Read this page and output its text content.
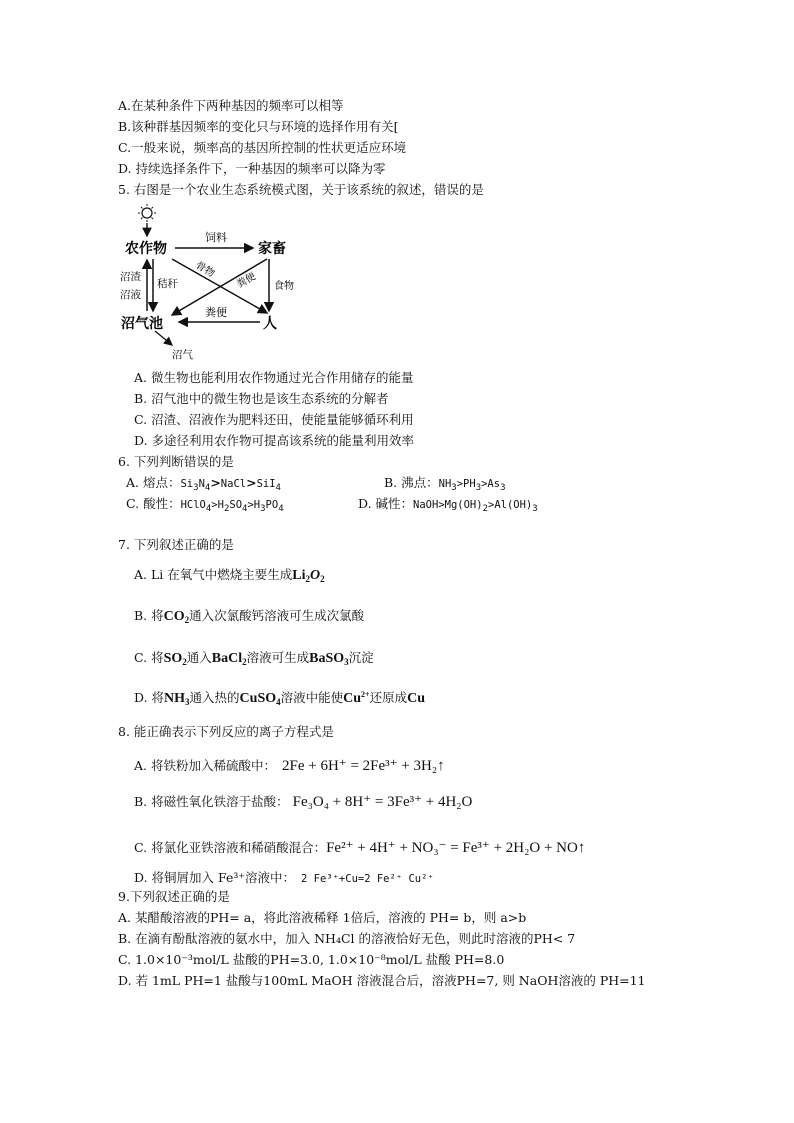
A.在某种条件下两种基因的频率可以相等
B.该种群基因频率的变化只与环境的选择作用有关[
C.一般来说，频率高的基因所控制的性状更适应环境
D. 持续选择条件下，一种基因的频率可以降为零
5. 右图是一个农业生态系统模式图，关于该系统的叙述，错误的是
农作物	家畜
沼气池	人
饲料
骨物
粪便 食物
粪便
秸秆
沼渣
沼液
沼气
A. 微生物也能利用农作物通过光合作用储存的能量
B. 沼气池中的微生物也是该生态系统的分解者
C. 沼渣、沼液作为肥料还田，使能量能够循环利用
D. 多途径利用农作物可提高该系统的能量利用效率
6. 下列判断错误的是
A. 熔点：Si3N4>NaCl>SiI4	B. 沸点：NH3>PH3>As3
C. 酸性：HClO4>H2SO4>H3PO4	D. 碱性：NaOH>Mg(OH)2>Al(OH)3
7. 下列叙述正确的是
A. Li 在氧气中燃烧主要生成$Li_2O_2$
B. 将$CO_2$通入次氯酸钙溶液可生成次氯酸
C. 将$SO_2$通入BaCl$_2$溶液可生成BaSO$_3$沉淀
D. 将$NH_3$通入热的CuSO$_4$溶液中能使$Cu^{2+}$还原成Cu
8. 能正确表示下列反应的离子方程式是
A. 将铁粉加入稀硫酸中： 2Fe + 6H⁺ = 2Fe³⁺ + 3H₂↑
B. 将磁性氧化铁溶于盐酸： Fe₃O₄ + 8H⁺ = 3Fe³⁺ + 4H₂O
C. 将氯化亚铁溶液和稀硝酸混合：Fe²⁺ + 4H⁺ + NO₃⁻ = Fe³⁺ + 2H₂O + NO↑
D. 将铜屑加入 Fe³⁺溶液中： 2 Fe³⁺+Cu=2 Fe²⁺ Cu²⁺
9.下列叙述正确的是
A. 某醋酸溶液的PH= a，将此溶液稀释 1倍后，溶液的 PH= b，则 a>b
B. 在滴有酚酞溶液的氨水中，加入 NH₄Cl 的溶液恰好无色，则此时溶液的PH< 7
C. 1.0×10⁻³mol/L 盐酸的PH=3.0, 1.0×10⁻⁸mol/L 盐酸 PH=8.0
D. 若 1mL PH=1 盐酸与100mL MaOH 溶液混合后，溶液PH=7, 则 NaOH溶液的 PH=11
